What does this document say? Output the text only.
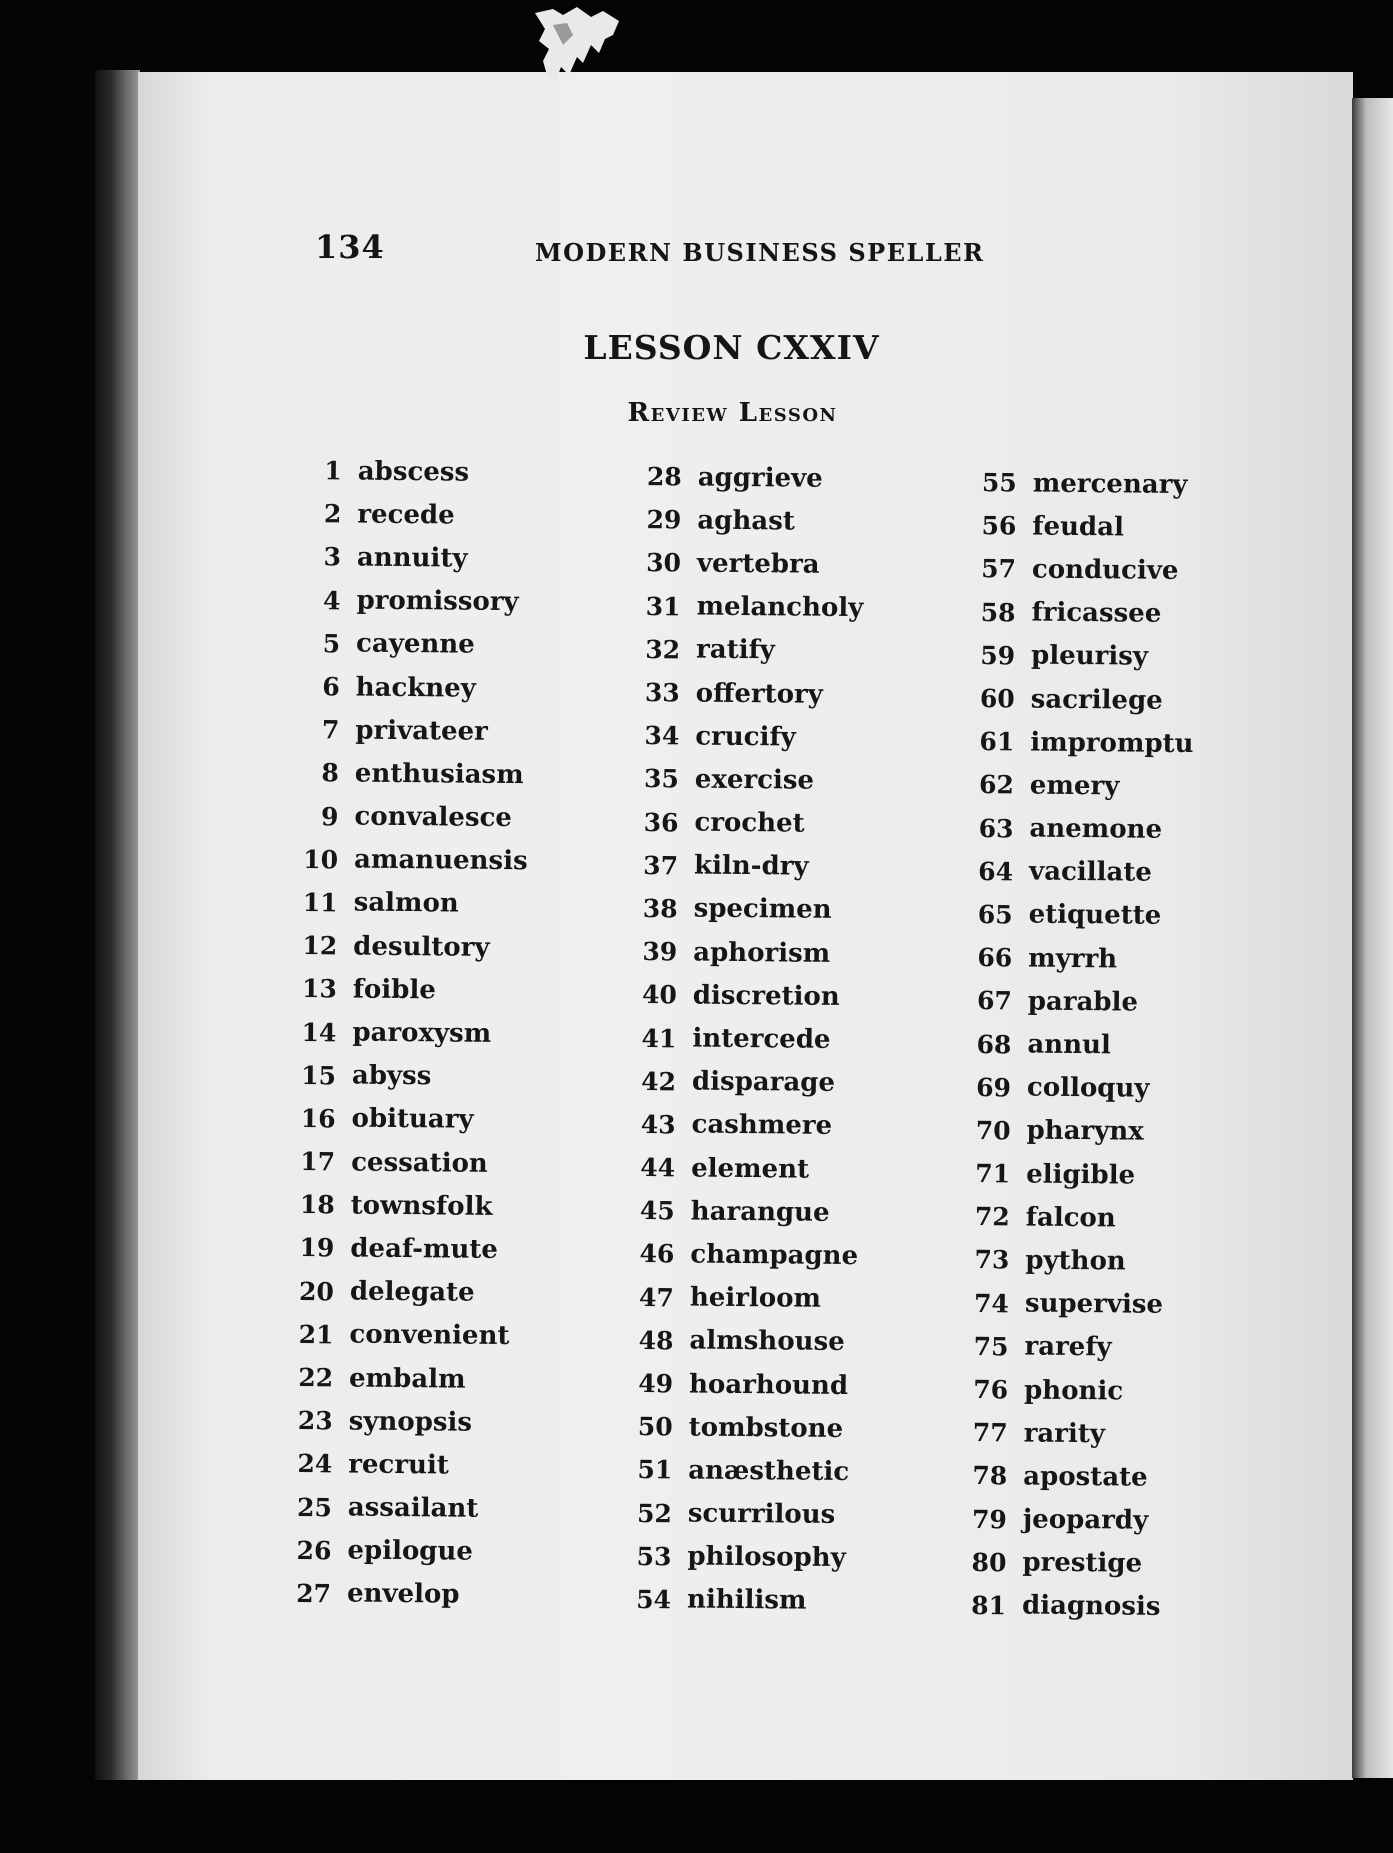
134	MODERN BUSINESS SPELLER
LESSON CXXIV
Review Lesson
1 abscess
2 recede
3 annuity
4 promissory
5 cayenne
6 hackney
7 privateer
8 enthusiasm
9 convalesce
10 amanuensis
11 salmon
12 desultory
13 foible
14 paroxysm
15 abyss
16 obituary
17 cessation
18 townsfolk
19 deaf-mute
20 delegate
21 convenient
22 embalm
23 synopsis
24 recruit
25 assailant
26 epilogue
27 envelop
28 aggrieve
29 aghast
30 vertebra
31 melancholy
32 ratify
33 offertory
34 crucify
35 exercise
36 crochet
37 kiln-dry
38 specimen
39 aphorism
40 discretion
41 intercede
42 disparage
43 cashmere
44 element
45 harangue
46 champagne
47 heirloom
48 almshouse
49 hoarhound
50 tombstone
51 anæsthetic
52 scurrilous
53 philosophy
54 nihilism
55 mercenary
56 feudal
57 conducive
58 fricassee
59 pleurisy
60 sacrilege
61 impromptu
62 emery
63 anemone
64 vacillate
65 etiquette
66 myrrh
67 parable
68 annul
69 colloquy
70 pharynx
71 eligible
72 falcon
73 python
74 supervise
75 rarefy
76 phonic
77 rarity
78 apostate
79 jeopardy
80 prestige
81 diagnosis
